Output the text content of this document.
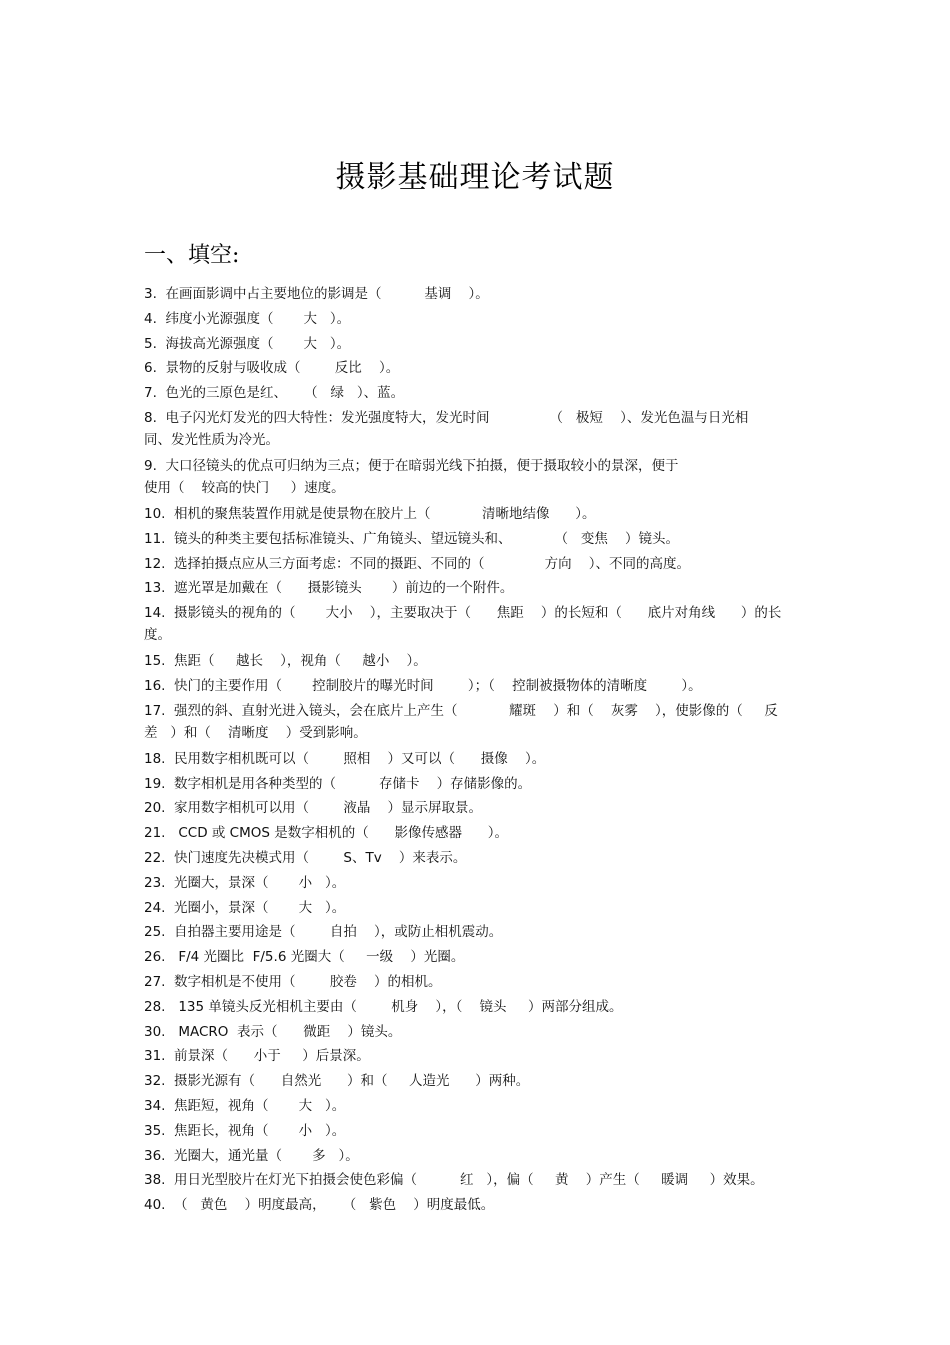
摄影基础理论考试题
一、填空:
3.  在画面影调中占主要地位的影调是（          基调    ）。
4.  纬度小光源强度（       大   ）。
5.  海拔高光源强度（       大   ）。
6.  景物的反射与吸收成（        反比    ）。
7.  色光的三原色是红、    （   绿   ）、蓝。
8.  电子闪光灯发光的四大特性：发光强度特大，发光时间              （   极短    ）、发光色温与日光相
同、发光性质为冷光。
9.  大口径镜头的优点可归纳为三点；便于在暗弱光线下拍摄，便于摄取较小的景深，便于
使用（    较高的快门     ）速度。
10.  相机的聚焦装置作用就是使景物在胶片上（            清晰地结像      ）。
11.  镜头的种类主要包括标准镜头、广角镜头、望远镜头和、          （   变焦    ）镜头。
12.  选择拍摄点应从三方面考虑：不同的摄距、不同的（              方向    ）、不同的高度。
13.  遮光罩是加戴在（      摄影镜头       ）前边的一个附件。
14.  摄影镜头的视角的（       大小    ），主要取决于（      焦距    ）的长短和（      底片对角线      ）的长
度。
15.  焦距（     越长    ），视角（     越小    ）。
16.  快门的主要作用（       控制胶片的曝光时间        ）；（    控制被摄物体的清晰度        ）。
17.  强烈的斜、直射光进入镜头，会在底片上产生（            耀斑    ）和（    灰雾    ），使影像的（     反
差   ）和（    清晰度    ）受到影响。
18.  民用数字相机既可以（        照相    ）又可以（      摄像    ）。
19.  数字相机是用各种类型的（          存储卡    ）存储影像的。
20.  家用数字相机可以用（        液晶    ）显示屏取景。
21.   CCD 或 CMOS 是数字相机的（      影像传感器      ）。
22.  快门速度先决模式用（        S、Tv    ）来表示。
23.  光圈大，景深（       小   ）。
24.  光圈小，景深（       大   ）。
25.  自拍器主要用途是（        自拍    ），或防止相机震动。
26.   F/4 光圈比  F/5.6 光圈大（     一级    ）光圈。
27.  数字相机是不使用（        胶卷    ）的相机。
28.   135 单镜头反光相机主要由（        机身    ），（    镜头     ）两部分组成。
30.   MACRO  表示（      微距    ）镜头。
31.  前景深（      小于     ）后景深。
32.  摄影光源有（      自然光      ）和（     人造光      ）两种。
34.  焦距短，视角（       大   ）。
35.  焦距长，视角（       小   ）。
36.  光圈大，通光量（       多   ）。
38.  用日光型胶片在灯光下拍摄会使色彩偏（          红   ），偏（     黄    ）产生（     暖调     ）效果。
40.  （   黄色    ）明度最高，    （   紫色    ）明度最低。
